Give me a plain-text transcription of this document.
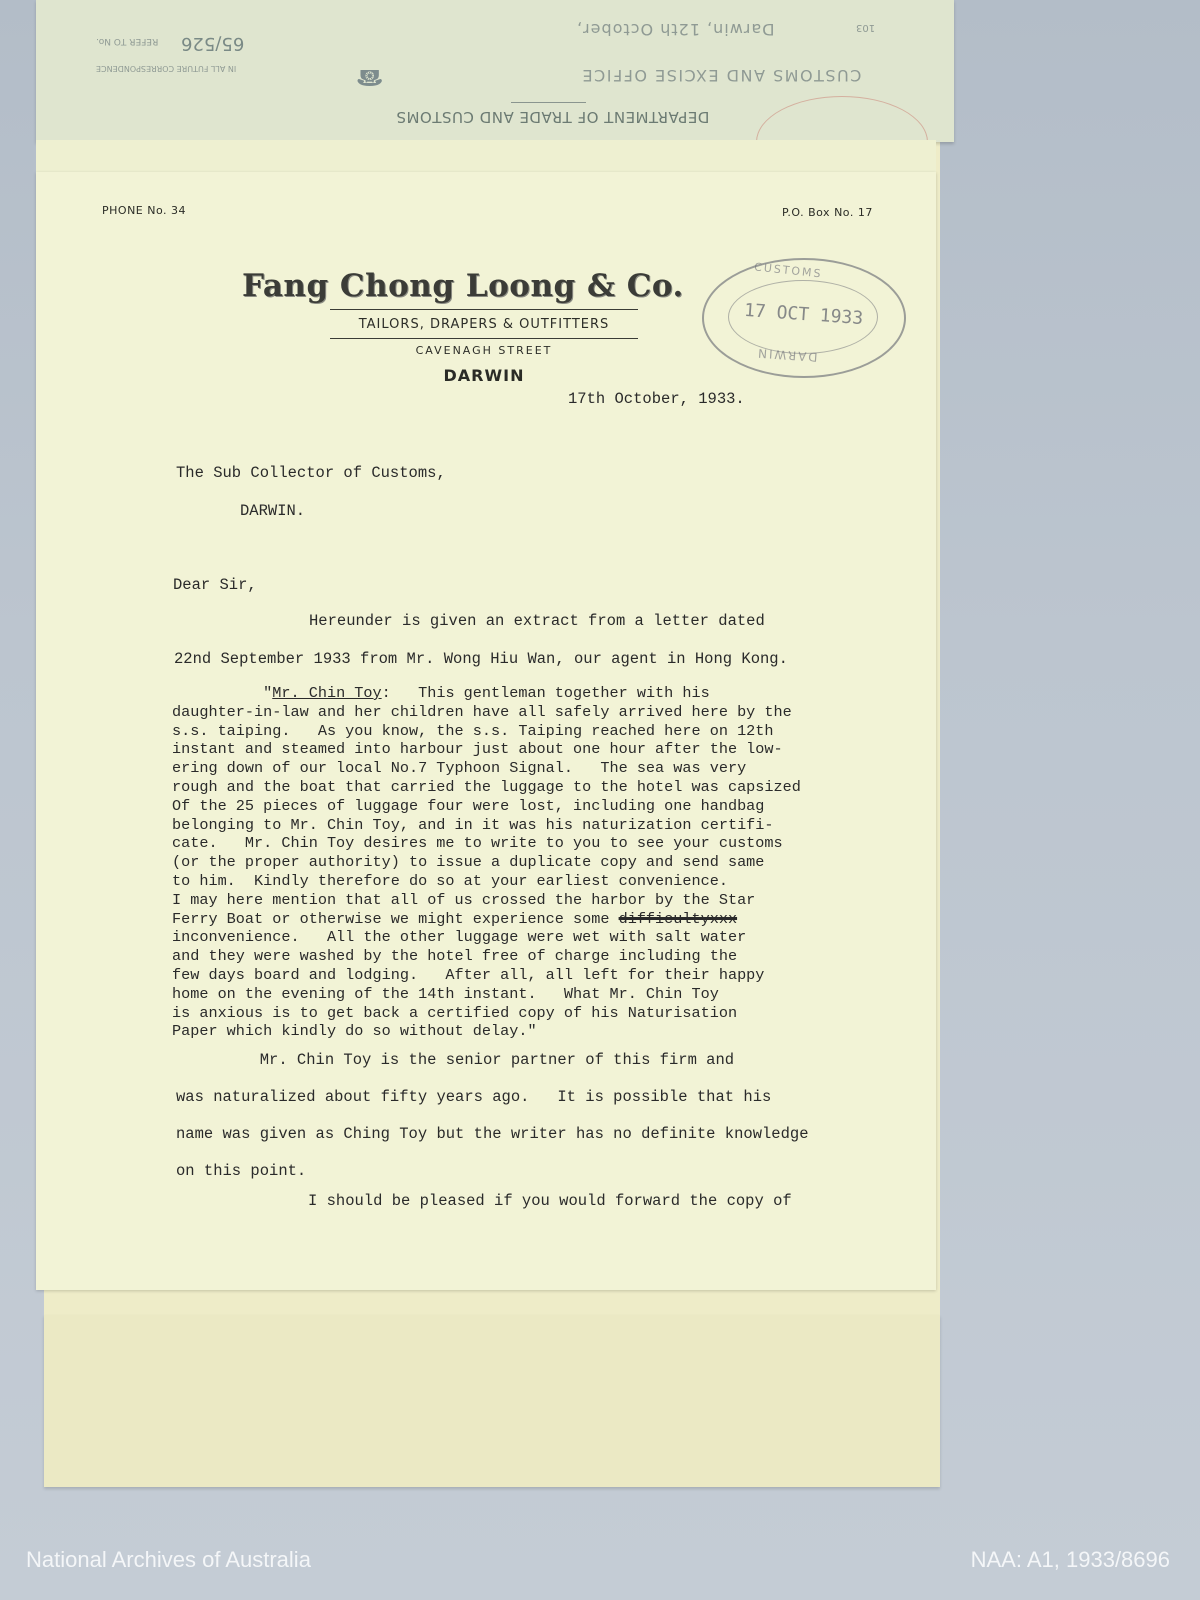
Darwin, 12th October,
CUSTOMS AND EXCISE OFFICE
REFER TO No.
IN ALL FUTURE CORRESPONDENCE
DEPARTMENT OF TRADE AND CUSTOMS
65/526
103
☎
PHONE No. 34	P.O. Box No. 17
Fang Chong Loong & Co.
TAILORS, DRAPERS & OUTFITTERS
CAVENAGH STREET
DARWIN
CUSTOMS
17 OCT 1933
DARWIN
17th October, 1933.
The Sub Collector of Customs,
DARWIN.
Dear Sir,
Hereunder is given an extract from a letter dated
22nd September 1933 from Mr. Wong Hiu Wan, our agent in Hong Kong.
"Mr. Chin Toy:   This gentleman together with his
daughter-in-law and her children have all safely arrived here by the
s.s. taiping.   As you know, the s.s. Taiping reached here on 12th
instant and steamed into harbour just about one hour after the low-
ering down of our local No.7 Typhoon Signal.   The sea was very
rough and the boat that carried the luggage to the hotel was capsized
Of the 25 pieces of luggage four were lost, including one handbag
belonging to Mr. Chin Toy, and in it was his naturization certifi-
cate.   Mr. Chin Toy desires me to write to you to see your customs
(or the proper authority) to issue a duplicate copy and send same
to him.  Kindly therefore do so at your earliest convenience.
I may here mention that all of us crossed the harbor by the Star
Ferry Boat or otherwise we might experience some difficultyxxx
inconvenience.   All the other luggage were wet with salt water
and they were washed by the hotel free of charge including the
few days board and lodging.   After all, all left for their happy
home on the evening of the 14th instant.   What Mr. Chin Toy
is anxious is to get back a certified copy of his Naturisation
Paper which kindly do so without delay."
Mr. Chin Toy is the senior partner of this firm and
was naturalized about fifty years ago.   It is possible that his
name was given as Ching Toy but the writer has no definite knowledge
on this point.
I should be pleased if you would forward the copy of
National Archives of Australia	NAA: A1, 1933/8696
